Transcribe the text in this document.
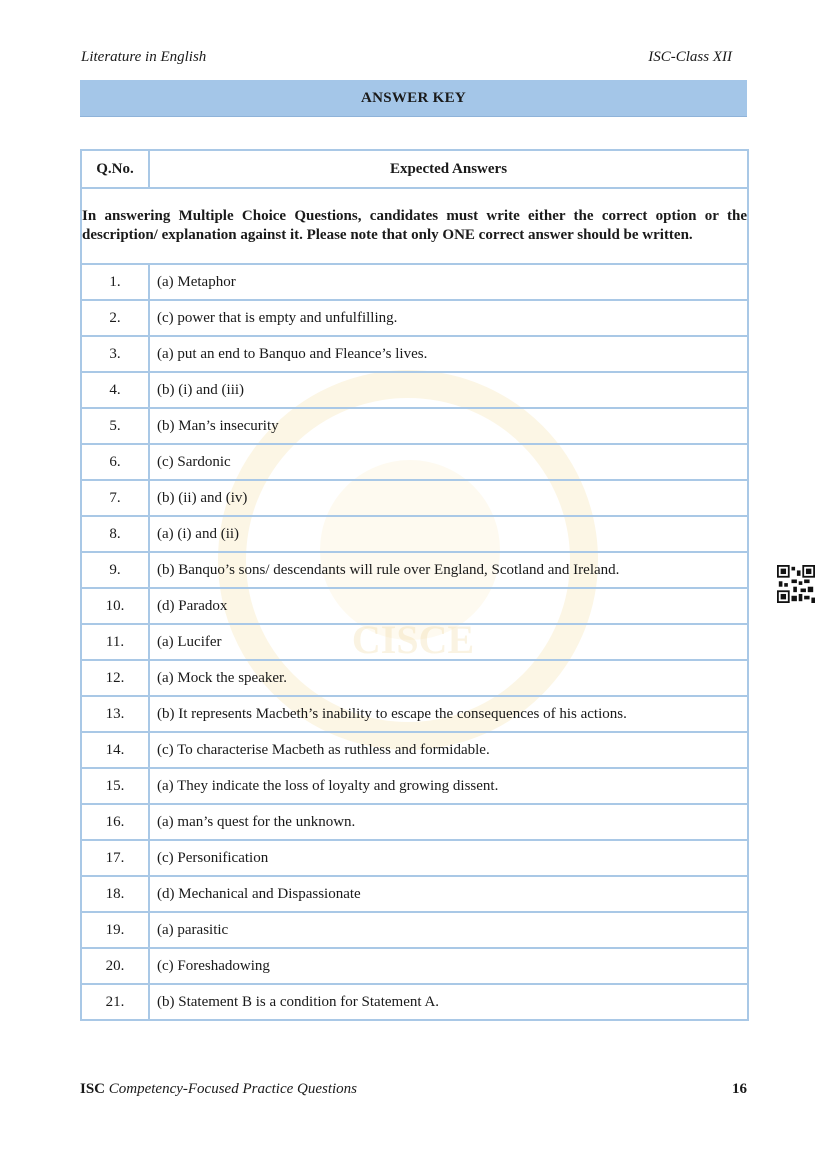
Literature in English	ISC-Class XII
ANSWER KEY
CISCE
Q.No.	Expected Answers
In answering Multiple Choice Questions, candidates must write either the correct option or the description/ explanation against it. Please note that only ONE correct answer should be written.	
1.	(a) Metaphor
2.	(c) power that is empty and unfulfilling.
3.	(a) put an end to Banquo and Fleance’s lives.
4.	(b) (i) and (iii)
5.	(b) Man’s insecurity
6.	(c) Sardonic
7.	(b) (ii) and (iv)
8.	(a) (i) and (ii)
9.	(b) Banquo’s sons/ descendants will rule over England, Scotland and Ireland.
10.	(d) Paradox
11.	(a) Lucifer
12.	(a) Mock the speaker.
13.	(b) It represents Macbeth’s inability to escape the consequences of his actions.
14.	(c) To characterise Macbeth as ruthless and formidable.
15.	(a) They indicate the loss of loyalty and growing dissent.
16.	(a) man’s quest for the unknown.
17.	(c) Personification
18.	(d) Mechanical and Dispassionate
19.	(a) parasitic
20.	(c) Foreshadowing
21.	(b) Statement B is a condition for Statement A.
ISC Competency-Focused Practice Questions	16
